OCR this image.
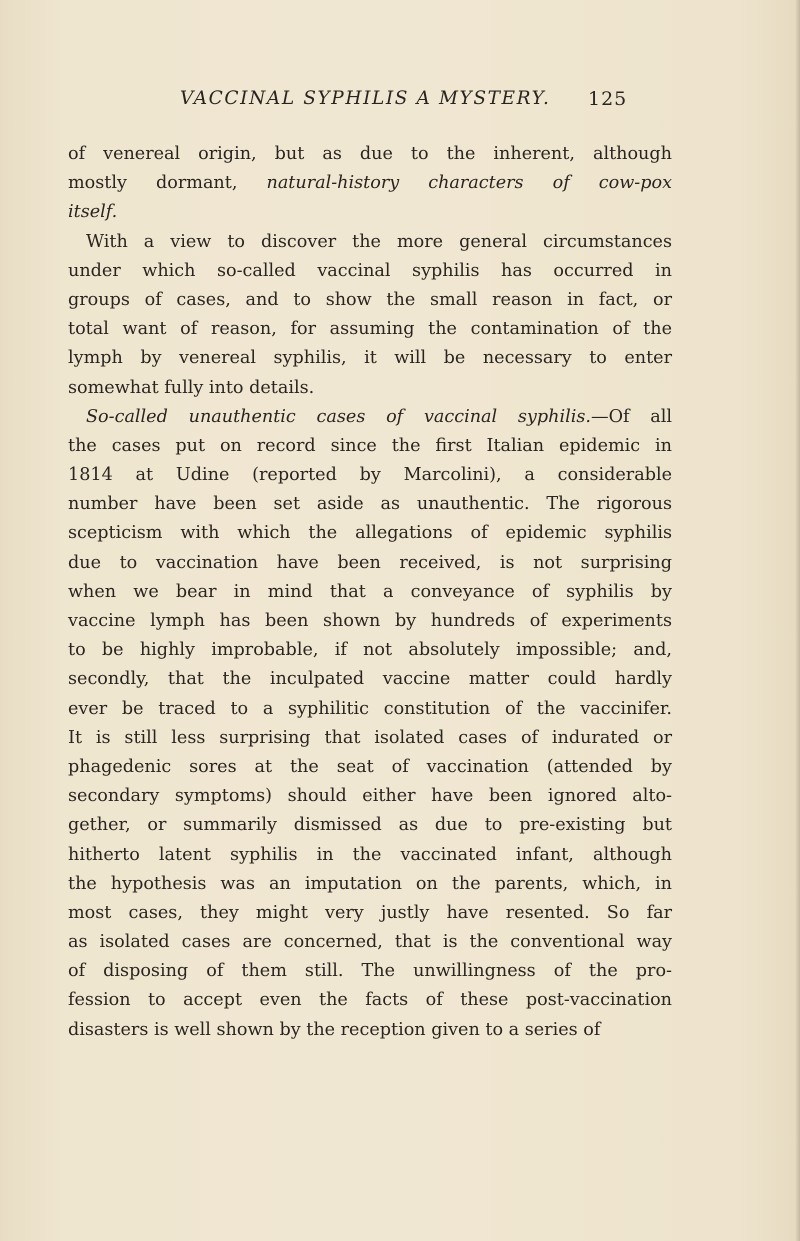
VACCINAL SYPHILIS A MYSTERY. 125
of venereal origin, but as due to the inherent, although
mostly dormant, natural-history characters of cow-pox
itself.
With a view to discover the more general circumstances
under which so-called vaccinal syphilis has occurred in
groups of cases, and to show the small reason in fact, or
total want of reason, for assuming the contamination of the
lymph by venereal syphilis, it will be necessary to enter
somewhat fully into details.
So-called unauthentic cases of vaccinal syphilis.—Of all
the cases put on record since the first Italian epidemic in
1814 at Udine (reported by Marcolini), a considerable
number have been set aside as unauthentic. The rigorous
scepticism with which the allegations of epidemic syphilis
due to vaccination have been received, is not surprising
when we bear in mind that a conveyance of syphilis by
vaccine lymph has been shown by hundreds of experiments
to be highly improbable, if not absolutely impossible; and,
secondly, that the inculpated vaccine matter could hardly
ever be traced to a syphilitic constitution of the vaccinifer.
It is still less surprising that isolated cases of indurated or
phagedenic sores at the seat of vaccination (attended by
secondary symptoms) should either have been ignored alto-
gether, or summarily dismissed as due to pre-existing but
hitherto latent syphilis in the vaccinated infant, although
the hypothesis was an imputation on the parents, which, in
most cases, they might very justly have resented. So far
as isolated cases are concerned, that is the conventional way
of disposing of them still. The unwillingness of the pro-
fession to accept even the facts of these post-vaccination
disasters is well shown by the reception given to a series of
